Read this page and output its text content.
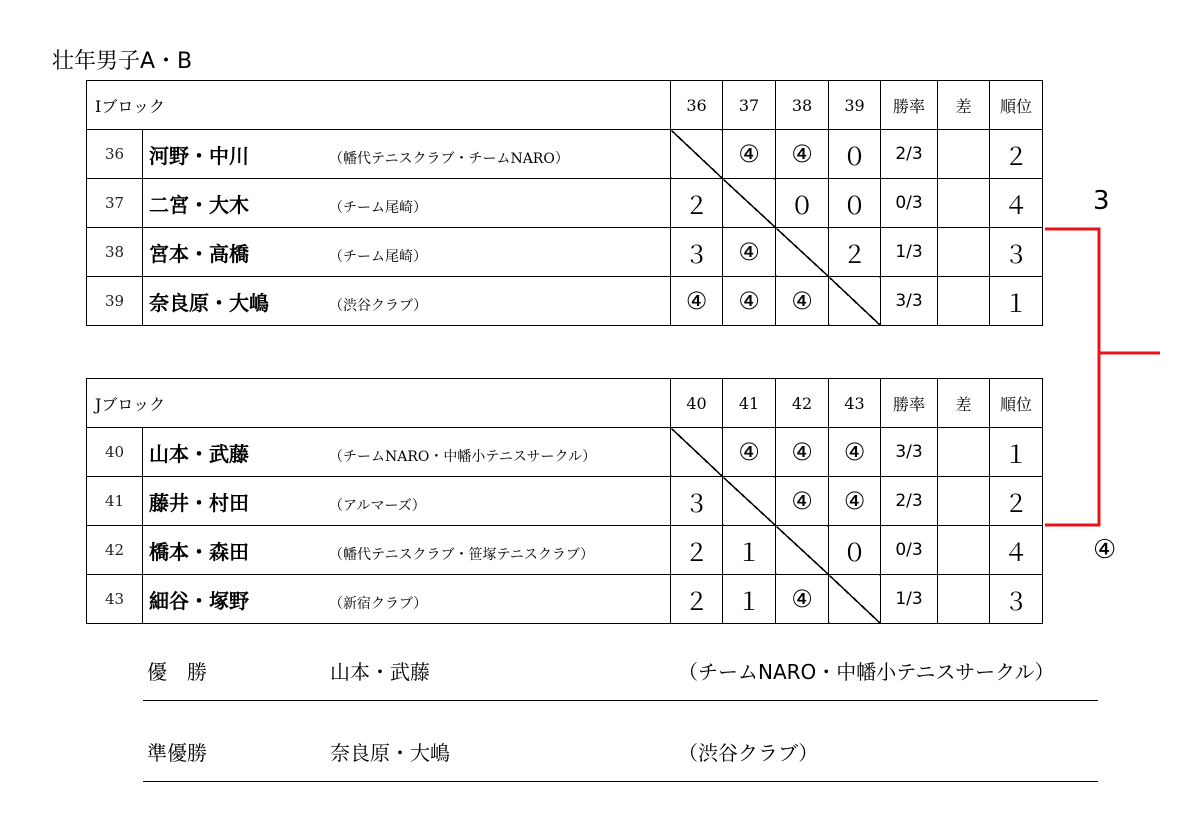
壮年男子A・B
Ⅰブロック		36	37	38	39	勝率	差	順位
36	河野・中川 （幡代テニスクラブ・チームNARO）		④	④	０	2/3		２
37	二宮・大木 （チーム尾崎）	２		０	０	0/3		４
38	宮本・高橋 （チーム尾崎）	３	④		２	1/3		３
39	奈良原・大嶋 （渋谷クラブ）	④	④	④		3/3		１
Jブロック		40	41	42	43	勝率	差	順位
40	山本・武藤 （チームNARO・中幡小テニスサークル）		④	④	④	3/3		１
41	藤井・村田 （アルマーズ）	３		④	④	2/3		２
42	橋本・森田 （幡代テニスクラブ・笹塚テニスクラブ）	２	１		０	0/3		４
43	細谷・塚野 （新宿クラブ）	２	１	④		1/3		３
3
④
優　勝	山本・武藤	（チームNARO・中幡小テニスサークル）
準優勝	奈良原・大嶋	（渋谷クラブ）
